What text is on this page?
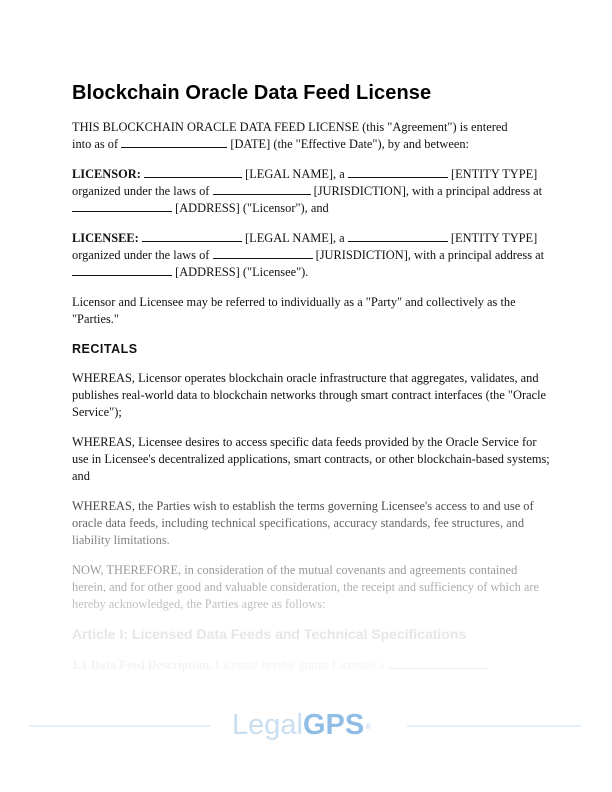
Blockchain Oracle Data Feed License

THIS BLOCKCHAIN ORACLE DATA FEED LICENSE (this "Agreement") is entered
into as of	[DATE] (the "Effective Date"), by and between:

LICENSOR:	[LEGAL NAME], a	[ENTITY TYPE] organized under the laws of	[JURISDICTION], with a principal address at  [ADDRESS] ("Licensor"), and

LICENSEE:	[LEGAL NAME], a	[ENTITY TYPE] organized under the laws of	[JURISDICTION], with a principal address at  [ADDRESS] ("Licensee").

Licensor and Licensee may be referred to individually as a "Party" and collectively as the "Parties."

RECITALS

WHEREAS, Licensor operates blockchain oracle infrastructure that aggregates, validates, and publishes real-world data to blockchain networks through smart contract interfaces (the "Oracle Service");

WHEREAS, Licensee desires to access specific data feeds provided by the Oracle Service for use in Licensee's decentralized applications, smart contracts, or other blockchain-based systems; and

WHEREAS, the Parties wish to establish the terms governing Licensee's access to and use of oracle data feeds, including technical specifications, accuracy standards, fee structures, and liability limitations.

NOW, THEREFORE, in consideration of the mutual covenants and agreements contained herein, and for other good and valuable consideration, the receipt and sufficiency of which are hereby acknowledged, the Parties agree as follows:

Article I: Licensed Data Feeds and Technical Specifications

1.1 Data Feed Description. Licensor hereby grants Licensee a

LegalGPS®
